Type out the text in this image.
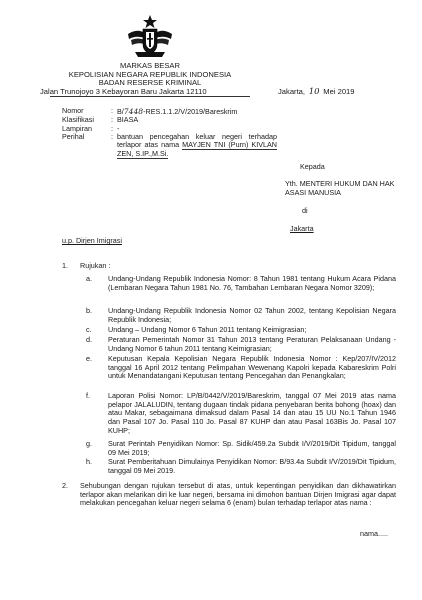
MARKAS BESAR
KEPOLISIAN NEGARA REPUBLIK INDONESIA
BADAN RESERSE KRIMINAL
Jalan Trunojoyo 3 Kebayoran Baru Jakarta 12110	Jakarta, 10 Mei 2019
Nomor	: B/7448-RES.1.1.2/V/2019/Bareskrim
Klasifikasi	: BIASA
Lampiran	: -
Perihal	: bantuan pencegahan keluar negeri terhadap terlapor atas nama MAYJEN TNI (Purn) KIVLAN ZEN, S.IP.,M.Si.
Kepada
Yth. MENTERI HUKUM DAN HAK ASASI MANUSIA
di
Jakarta
u.p. Dirjen Imigrasi
1. Rujukan :
a.	Undang-Undang Republik Indonesia Nomor: 8 Tahun 1981 tentang Hukum Acara Pidana (Lembaran Negara Tahun 1981 No. 76, Tambahan Lembaran Negara Nomor 3209);
b.	Undang-Undang Republik Indonesia Nomor 02 Tahun 2002, tentang Kepolisian Negara Republik Indonesia;
c.	Undang – Undang Nomor 6 Tahun 2011 tentang Keimigrasian;
d.	Peraturan Pemerintah Nomor 31 Tahun 2013 tentang Peraturan Pelaksanaan Undang - Undang Nomor 6 tahun 2011 tentang Keimigrasian;
e.	Keputusan Kepala Kepolisian Negara Republik Indonesia Nomor : Kep/207/IV/2012 tanggal 16 April 2012 tentang Pelimpahan Wewenang Kapolri kepada Kabareskrim Polri untuk Menandatangani Keputusan tentang Pencegahan dan Penangkalan;
f.	Laporan Polisi Nomor: LP/B/0442/V/2019/Bareskrim, tanggal 07 Mei 2019 atas nama pelapor JALALUDIN, tentang dugaan tindak pidana penyebaran berita bohong (hoax) dan atau Makar, sebagaimana dimaksud dalam Pasal 14 dan atau 15 UU No.1 Tahun 1946 dan Pasal 107 Jo. Pasal 110 Jo. Pasal 87 KUHP dan atau Pasal 163Bis Jo. Pasal 107 KUHP;
g.	Surat Perintah Penyidikan Nomor: Sp. Sidik/459.2a Subdit I/V/2019/Dit Tipidum, tanggal 09 Mei 2019;
h.	Surat Pemberitahuan Dimulainya Penyidikan Nomor: B/93.4a Subdit I/V/2019/Dit Tipidum, tanggal 09 Mei 2019.
2. Sehubungan dengan rujukan tersebut di atas, untuk kepentingan penyidikan dan dikhawatirkan terlapor akan melarikan diri ke luar negeri, bersama ini dimohon bantuan Dirjen Imigrasi agar dapat melakukan pencegahan keluar negeri selama 6 (enam) bulan terhadap terlapor atas nama :
nama.....
